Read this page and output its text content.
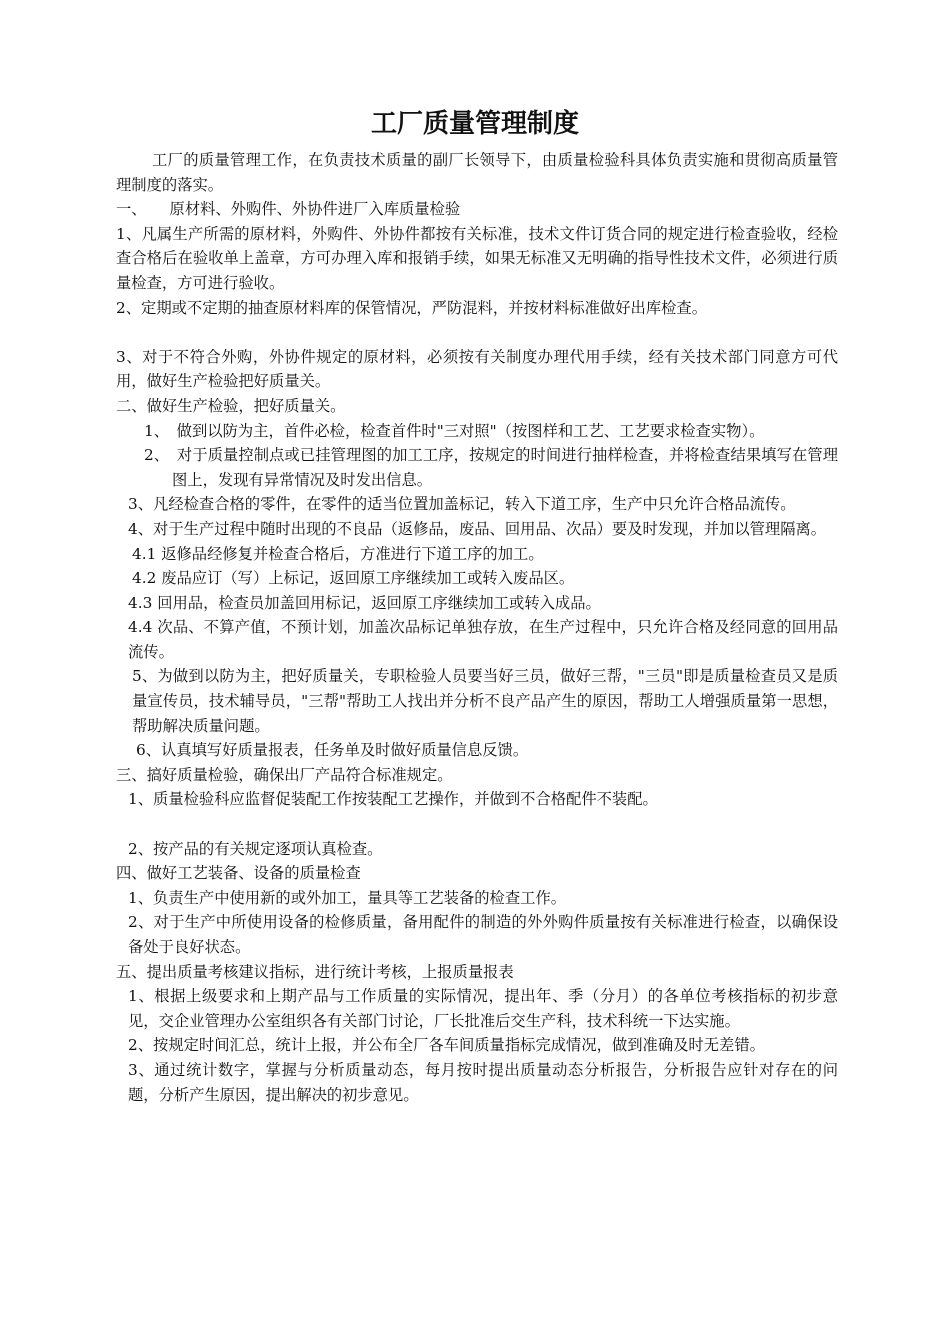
工厂质量管理制度

工厂的质量管理工作，在负责技术质量的副厂长领导下，由质量检验科具体负责实施和贯彻高质量管理制度的落实。

一、　　原材料、外购件、外协件进厂入库质量检验

1、凡属生产所需的原材料，外购件、外协件都按有关标准，技术文件订货合同的规定进行检查验收，经检查合格后在验收单上盖章，方可办理入库和报销手续，如果无标准又无明确的指导性技术文件，必须进行质量检查，方可进行验收。

2、定期或不定期的抽查原材料库的保管情况，严防混料，并按材料标准做好出库检查。

3、对于不符合外购，外协件规定的原材料，必须按有关制度办理代用手续，经有关技术部门同意方可代用，做好生产检验把好质量关。

二、做好生产检验，把好质量关。

1、　做到以防为主，首件必检，检查首件时"三对照"（按图样和工艺、工艺要求检查实物）。

2、　对于质量控制点或已挂管理图的加工工序，按规定的时间进行抽样检查，并将检查结果填写在管理图上，发现有异常情况及时发出信息。

3、凡经检查合格的零件，在零件的适当位置加盖标记，转入下道工序，生产中只允许合格品流传。

4、对于生产过程中随时出现的不良品（返修品，废品、回用品、次品）要及时发现，并加以管理隔离。

4.1 返修品经修复并检查合格后，方准进行下道工序的加工。

4.2 废品应订（写）上标记，返回原工序继续加工或转入废品区。

4.3 回用品，检查员加盖回用标记，返回原工序继续加工或转入成品。

4.4 次品、不算产值，不预计划，加盖次品标记单独存放，在生产过程中，只允许合格及经同意的回用品流传。

5、为做到以防为主，把好质量关，专职检验人员要当好三员，做好三帮，"三员"即是质量检查员又是质量宣传员，技术辅导员，"三帮"帮助工人找出并分析不良产品产生的原因，帮助工人增强质量第一思想，帮助解决质量问题。

6、认真填写好质量报表，任务单及时做好质量信息反馈。

三、搞好质量检验，确保出厂产品符合标准规定。

1、质量检验科应监督促装配工作按装配工艺操作，并做到不合格配件不装配。

2、按产品的有关规定逐项认真检查。

四、做好工艺装备、设备的质量检查

1、负责生产中使用新的或外加工，量具等工艺装备的检查工作。

2、对于生产中所使用设备的检修质量，备用配件的制造的外外购件质量按有关标准进行检查，以确保设备处于良好状态。

五、提出质量考核建议指标，进行统计考核，上报质量报表

1、根据上级要求和上期产品与工作质量的实际情况，提出年、季（分月）的各单位考核指标的初步意见，交企业管理办公室组织各有关部门讨论，厂长批准后交生产科，技术科统一下达实施。

2、按规定时间汇总，统计上报，并公布全厂各车间质量指标完成情况，做到准确及时无差错。

3、通过统计数字，掌握与分析质量动态，每月按时提出质量动态分析报告，分析报告应针对存在的问题，分析产生原因，提出解决的初步意见。
